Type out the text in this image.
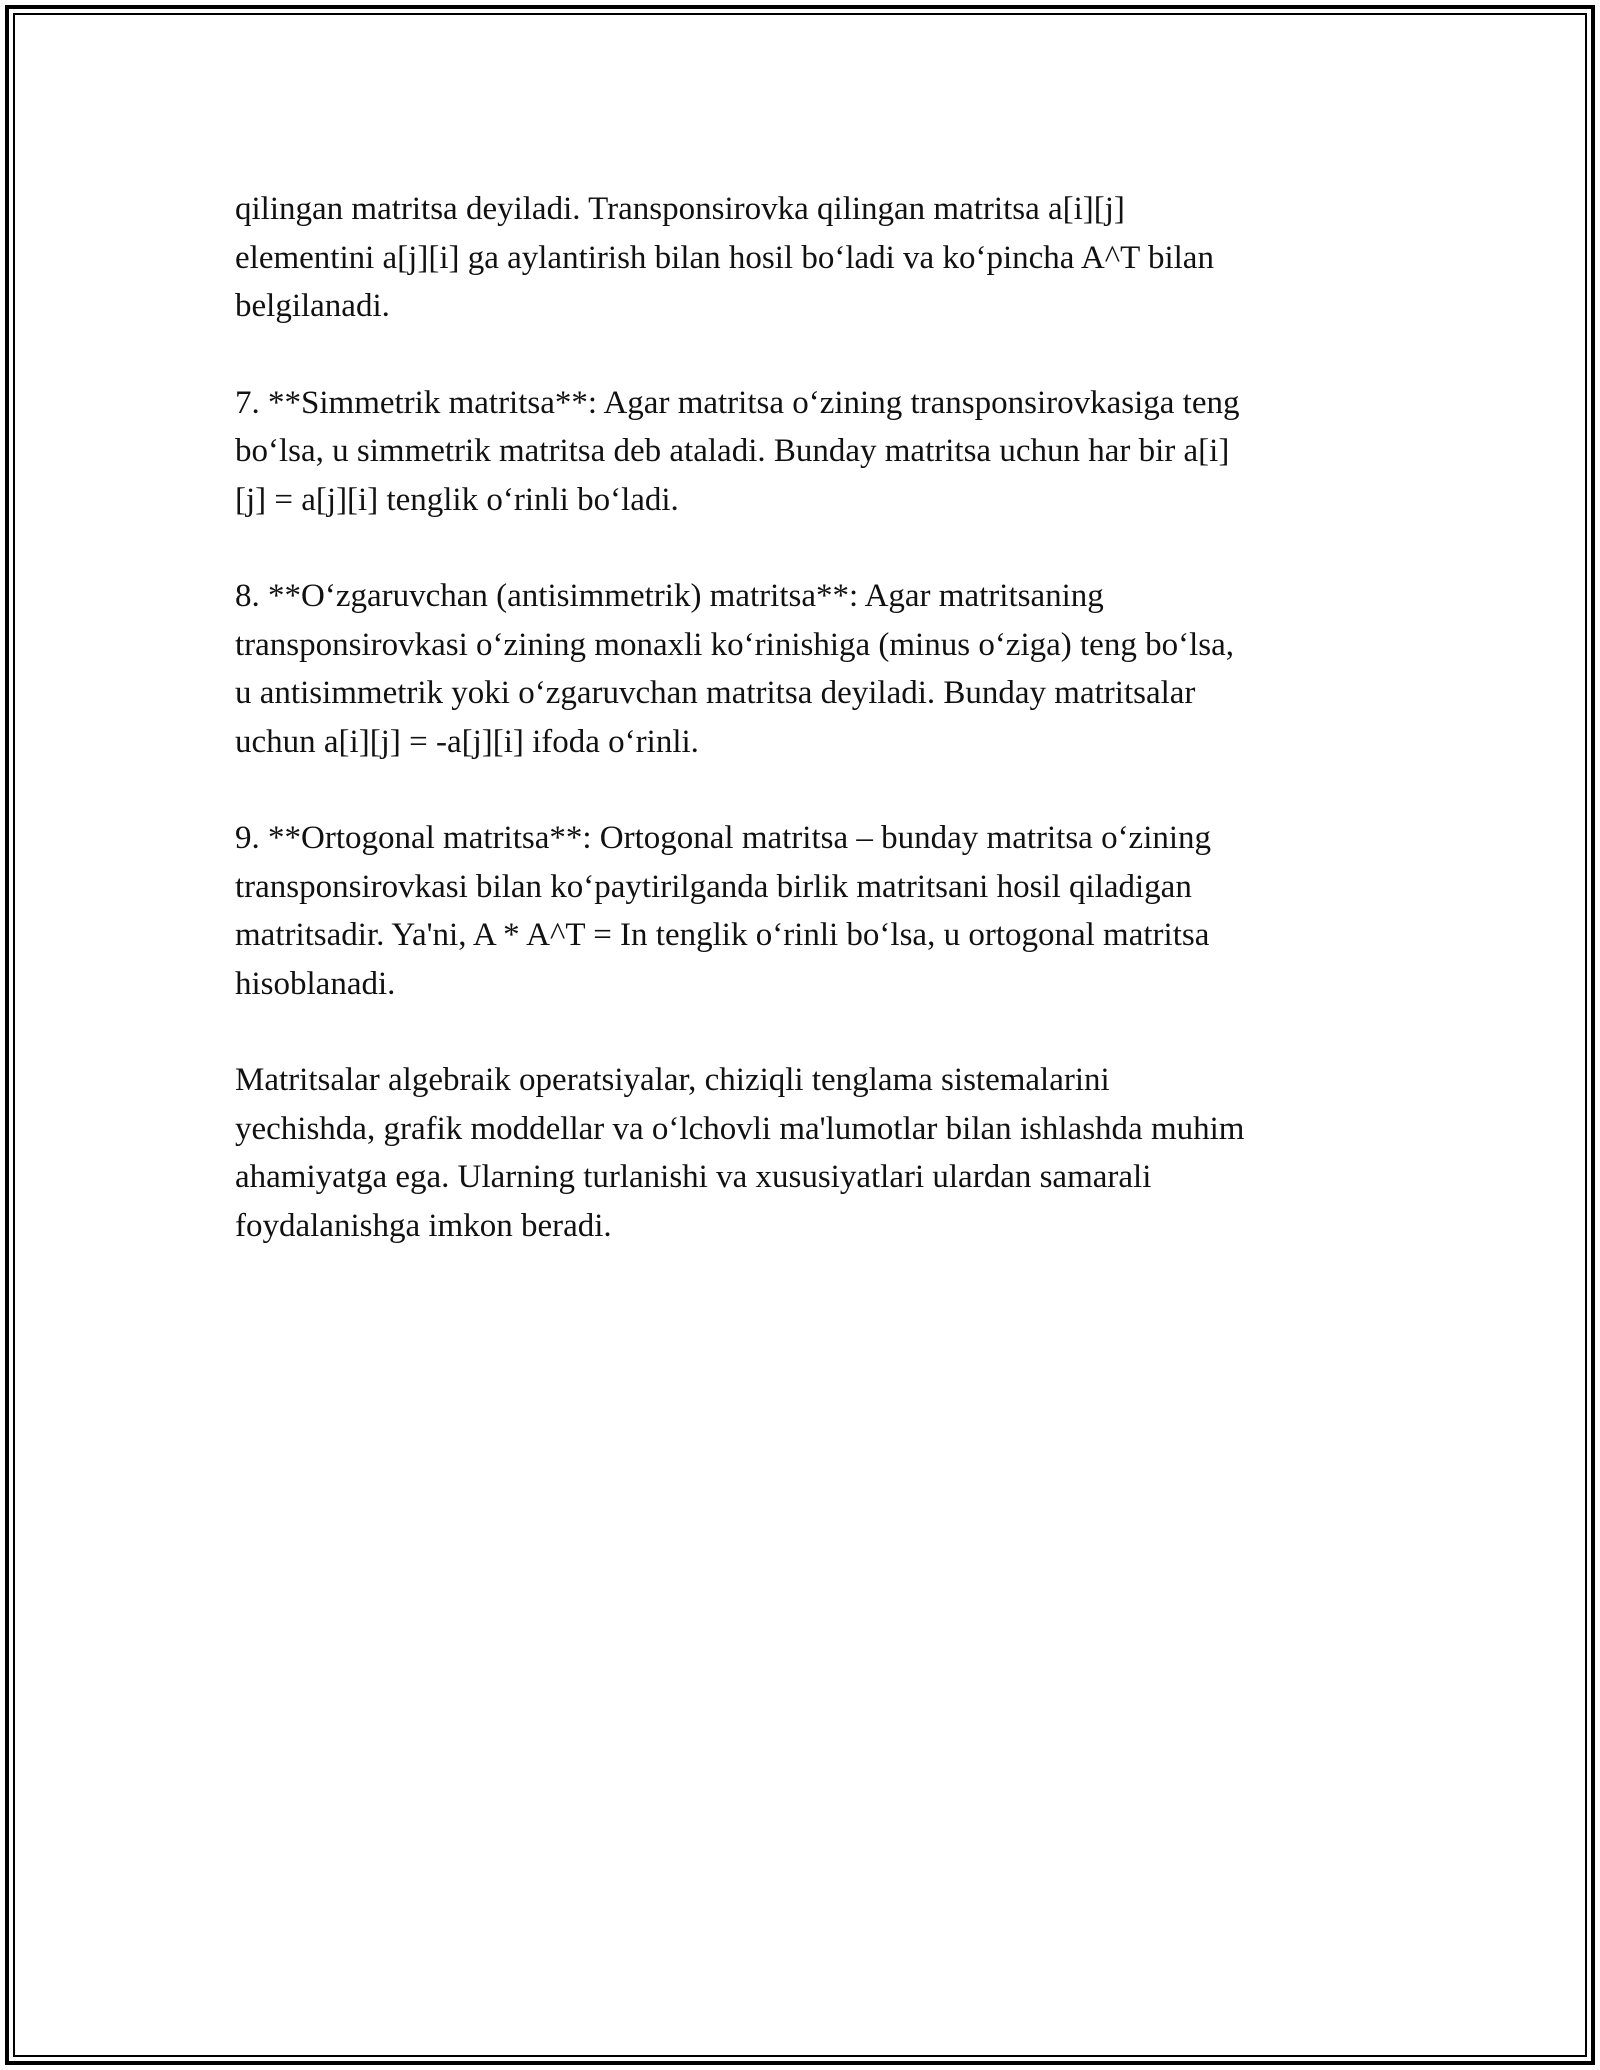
qilingan matritsa deyiladi. Transponsirovka qilingan matritsa a[i][j]
elementini a[j][i] ga aylantirish bilan hosil bo‘ladi va ko‘pincha A^T bilan
belgilanadi.

7. **Simmetrik matritsa**: Agar matritsa o‘zining transponsirovkasiga teng
bo‘lsa, u simmetrik matritsa deb ataladi. Bunday matritsa uchun har bir a[i]
[j] = a[j][i] tenglik o‘rinli bo‘ladi.

8. **O‘zgaruvchan (antisimmetrik) matritsa**: Agar matritsaning
transponsirovkasi o‘zining monaxli ko‘rinishiga (minus o‘ziga) teng bo‘lsa,
u antisimmetrik yoki o‘zgaruvchan matritsa deyiladi. Bunday matritsalar
uchun a[i][j] = -a[j][i] ifoda o‘rinli.

9. **Ortogonal matritsa**: Ortogonal matritsa – bunday matritsa o‘zining
transponsirovkasi bilan ko‘paytirilganda birlik matritsani hosil qiladigan
matritsadir. Ya'ni, A * A^T = In tenglik o‘rinli bo‘lsa, u ortogonal matritsa
hisoblanadi.

Matritsalar algebraik operatsiyalar, chiziqli tenglama sistemalarini
yechishda, grafik moddellar va o‘lchovli ma'lumotlar bilan ishlashda muhim
ahamiyatga ega. Ularning turlanishi va xususiyatlari ulardan samarali
foydalanishga imkon beradi.
